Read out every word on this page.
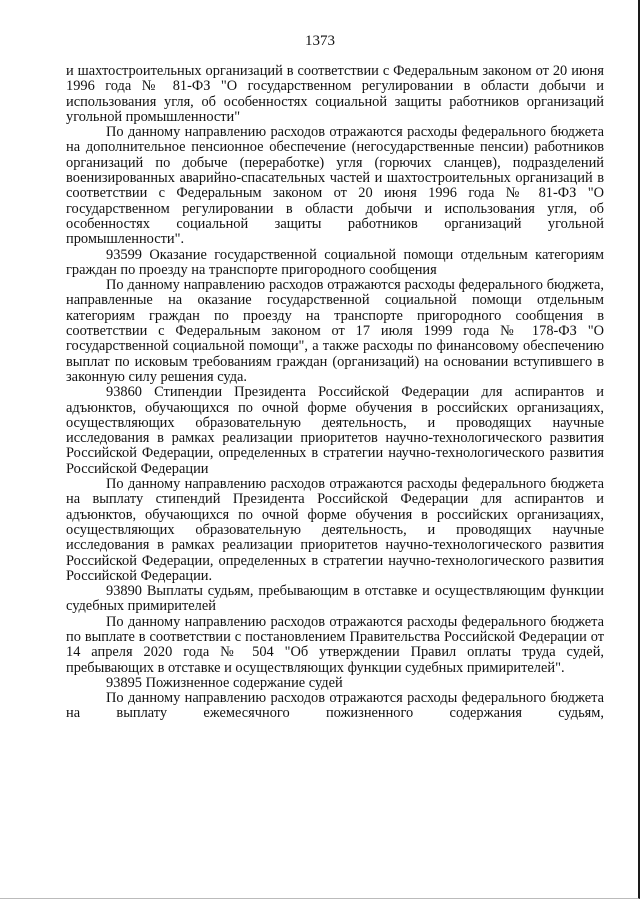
1373

и шахтостроительных организаций в соответствии с Федеральным законом от 20 июня 1996 года № 81-ФЗ "О государственном регулировании в области добычи и использования угля, об особенностях социальной защиты работников организаций угольной промышленности"

По данному направлению расходов отражаются расходы федерального бюджета на дополнительное пенсионное обеспечение (негосударственные пенсии) работников организаций по добыче (переработке) угля (горючих сланцев), подразделений военизированных аварийно-спасательных частей и шахтостроительных организаций в соответствии с Федеральным законом от 20 июня 1996 года № 81-ФЗ "О государственном регулировании в области добычи и использования угля, об особенностях социальной защиты работников организаций угольной промышленности".

93599 Оказание государственной социальной помощи отдельным категориям граждан по проезду на транспорте пригородного сообщения

По данному направлению расходов отражаются расходы федерального бюджета, направленные на оказание государственной социальной помощи отдельным категориям граждан по проезду на транспорте пригородного сообщения в соответствии с Федеральным законом от 17 июля 1999 года № 178-ФЗ "О государственной социальной помощи", а также расходы по финансовому обеспечению выплат по исковым требованиям граждан (организаций) на основании вступившего в законную силу решения суда.

93860 Стипендии Президента Российской Федерации для аспирантов и адъюнктов, обучающихся по очной форме обучения в российских организациях, осуществляющих образовательную деятельность, и проводящих научные исследования в рамках реализации приоритетов научно-технологического развития Российской Федерации, определенных в стратегии научно-технологического развития Российской Федерации

По данному направлению расходов отражаются расходы федерального бюджета на выплату стипендий Президента Российской Федерации для аспирантов и адъюнктов, обучающихся по очной форме обучения в российских организациях, осуществляющих образовательную деятельность, и проводящих научные исследования в рамках реализации приоритетов научно-технологического развития Российской Федерации, определенных в стратегии научно-технологического развития Российской Федерации.

93890 Выплаты судьям, пребывающим в отставке и осуществляющим функции судебных примирителей

По данному направлению расходов отражаются расходы федерального бюджета по выплате в соответствии с постановлением Правительства Российской Федерации от 14 апреля 2020 года № 504 "Об утверждении Правил оплаты труда судей, пребывающих в отставке и осуществляющих функции судебных примирителей".

93895 Пожизненное содержание судей

По данному направлению расходов отражаются расходы федерального бюджета на выплату ежемесячного пожизненного содержания судьям,
